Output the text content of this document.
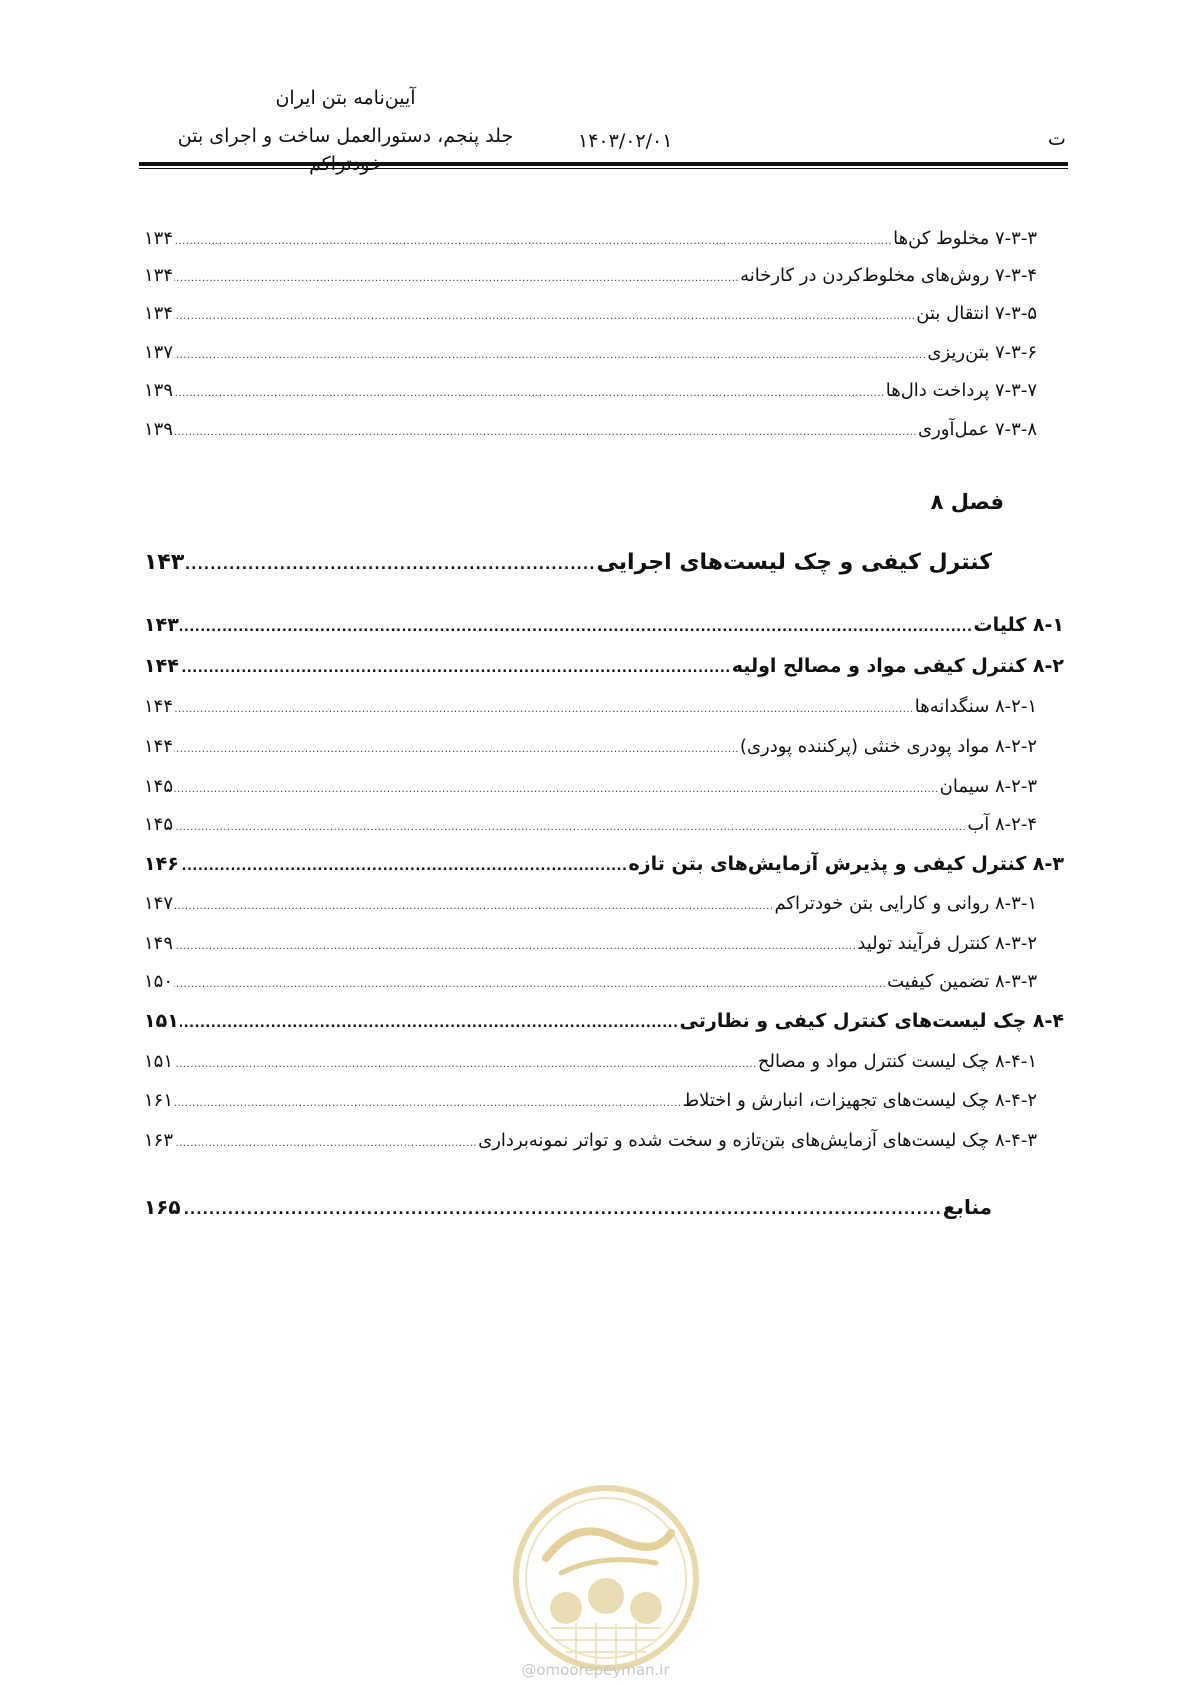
آیین‌نامه بتن ایران
جلد پنجم، دستورالعمل ساخت و اجرای بتن	۱۴۰۳/۰۲/۰۱	ت
۷-۳-۳ مخلوط کن‌ها
.....
۱۳۴
۷-۳-۴ روش‌های مخلوط‌کردن در کارخانه
.....
۱۳۴
۷-۳-۵ انتقال بتن
.....
۱۳۴
۷-۳-۶ بتن‌ریزی
.....
۱۳۷
۷-۳-۷ پرداخت دال‌ها
.....
۱۳۹
۷-۳-۸ عمل‌آوری
.....
۱۳۹
فصل ۸
کنترل کیفی و چک لیست‌های اجرایی
.....
۱۴۳
۸-۱ کلیات
.....
۱۴۳
۸-۲ کنترل کیفی مواد و مصالح اولیه
.....
۱۴۴
۸-۲-۱ سنگدانه‌ها
.....
۱۴۴
۸-۲-۲ مواد پودری خنثی (پرکننده پودری)
.....
۱۴۴
۸-۲-۳ سیمان
.....
۱۴۵
۸-۲-۴ آب
.....
۱۴۵
۸-۳ کنترل کیفی و پذیرش آزمایش‌های بتن تازه
.....
۱۴۶
۸-۳-۱ روانی و کارایی بتن خودتراکم
.....
۱۴۷
۸-۳-۲ کنترل فرآیند تولید
.....
۱۴۹
۸-۳-۳ تضمین کیفیت
.....
۱۵۰
۸-۴ چک لیست‌های کنترل کیفی و نظارتی
.....
۱۵۱
۸-۴-۱ چک لیست کنترل مواد و مصالح
.....
۱۵۱
۸-۴-۲ چک لیست‌های تجهیزات، انبارش و اختلاط
.....
۱۶۱
۸-۴-۳ چک لیست‌های آزمایش‌های بتن‌تازه و سخت شده و تواتر نمونه‌برداری
.....
۱۶۳
منابع
.....
۱۶۵
@omoorepeyman.ir
